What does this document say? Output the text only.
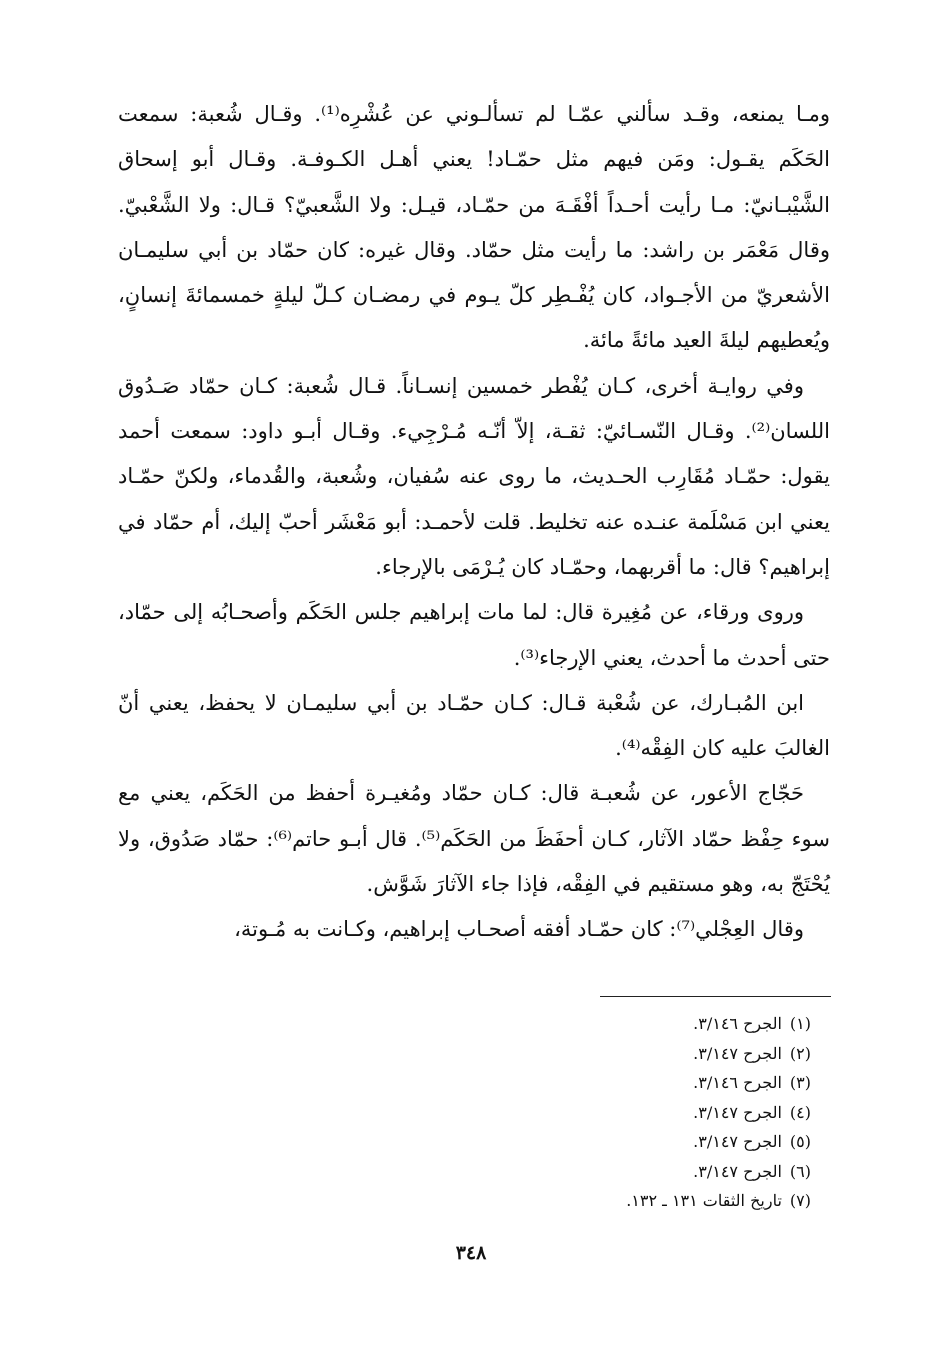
ومـا يمنعه، وقـد سألني عمّـا لم تسألـوني عن عُشْرِه⁽¹⁾. وقـال شُعبة: سمعت الحَكَم يقـول: ومَن فيهم مثل حمّـاد! يعني أهـل الكـوفـة. وقـال أبو إسحاق الشَّيْبـانيّ: مـا رأيت أحـداً أفْقَـهَ من حمّـاد، قيـل: ولا الشَّعبيّ؟ قـال: ولا الشَّعْبيّ. وقال مَعْمَر بن راشد: ما رأيت مثل حمّاد. وقال غيره: كان حمّاد بن أبي سليمـان الأشعريّ من الأجـواد، كان يُفْـطِر كلّ يـوم في رمضـان كـلّ ليلةٍ خمسمائةَ إنسانٍ، ويُعطيهم ليلةَ العيد مائةً مائة.

وفي روايـة أخرى، كـان يُفْطر خمسين إنسـاناً. قـال شُعبة: كـان حمّاد صَـدُوق اللسان⁽²⁾. وقـال النّسـائيّ: ثقـة، إلاّ أنّـه مُـرْجِيء. وقـال أبـو داود: سمعت أحمد يقول: حمّـاد مُقَارِب الحـديث، ما روى عنه سُفيان، وشُعبة، والقُدماء، ولكنّ حمّـاد يعني ابن مَسْلَمة عنـده عنه تخليط. قلت لأحمـد: أبو مَعْشَر أحبّ إليك، أم حمّاد في إبراهيم؟ قال: ما أقربهما، وحمّـاد كان يُـرْمَى بالإرجاء.

وروى ورقاء، عن مُغِيرة قال: لما مات إبراهيم جلس الحَكَم وأصحـابُه إلى حمّاد، حتى أحدث ما أحدث، يعني الإرجاء⁽³⁾.

ابن المُبـارك، عن شُعْبة قـال: كـان حمّـاد بن أبي سليمـان لا يحفظ، يعني أنّ الغالبَ عليه كان الفِقْه⁽⁴⁾.

حَجّاج الأعور، عن شُعبـة قال: كـان حمّاد ومُغيـرة أحفظ من الحَكَم، يعني مع سوء حِفْظ حمّاد الآثار، كـان أحفَظَ من الحَكَم⁽⁵⁾. قال أبـو حاتم⁽⁶⁾: حمّاد صَدُوق، ولا يُحْتَجّ به، وهو مستقيم في الفِقْه، فإذا جاء الآثارَ شَوَّش.

وقال العِجْلي⁽⁷⁾: كان حمّـاد أفقه أصحـاب إبراهيم، وكـانت به مُـوتة،

(١)الجرح ٣/١٤٦.
(٢)الجرح ٣/١٤٧.
(٣)الجرح ٣/١٤٦.
(٤)الجرح ٣/١٤٧.
(٥)الجرح ٣/١٤٧.
(٦)الجرح ٣/١٤٧.
(٧)تاريخ الثقات ١٣١ ـ ١٣٢.
٣٤٨
